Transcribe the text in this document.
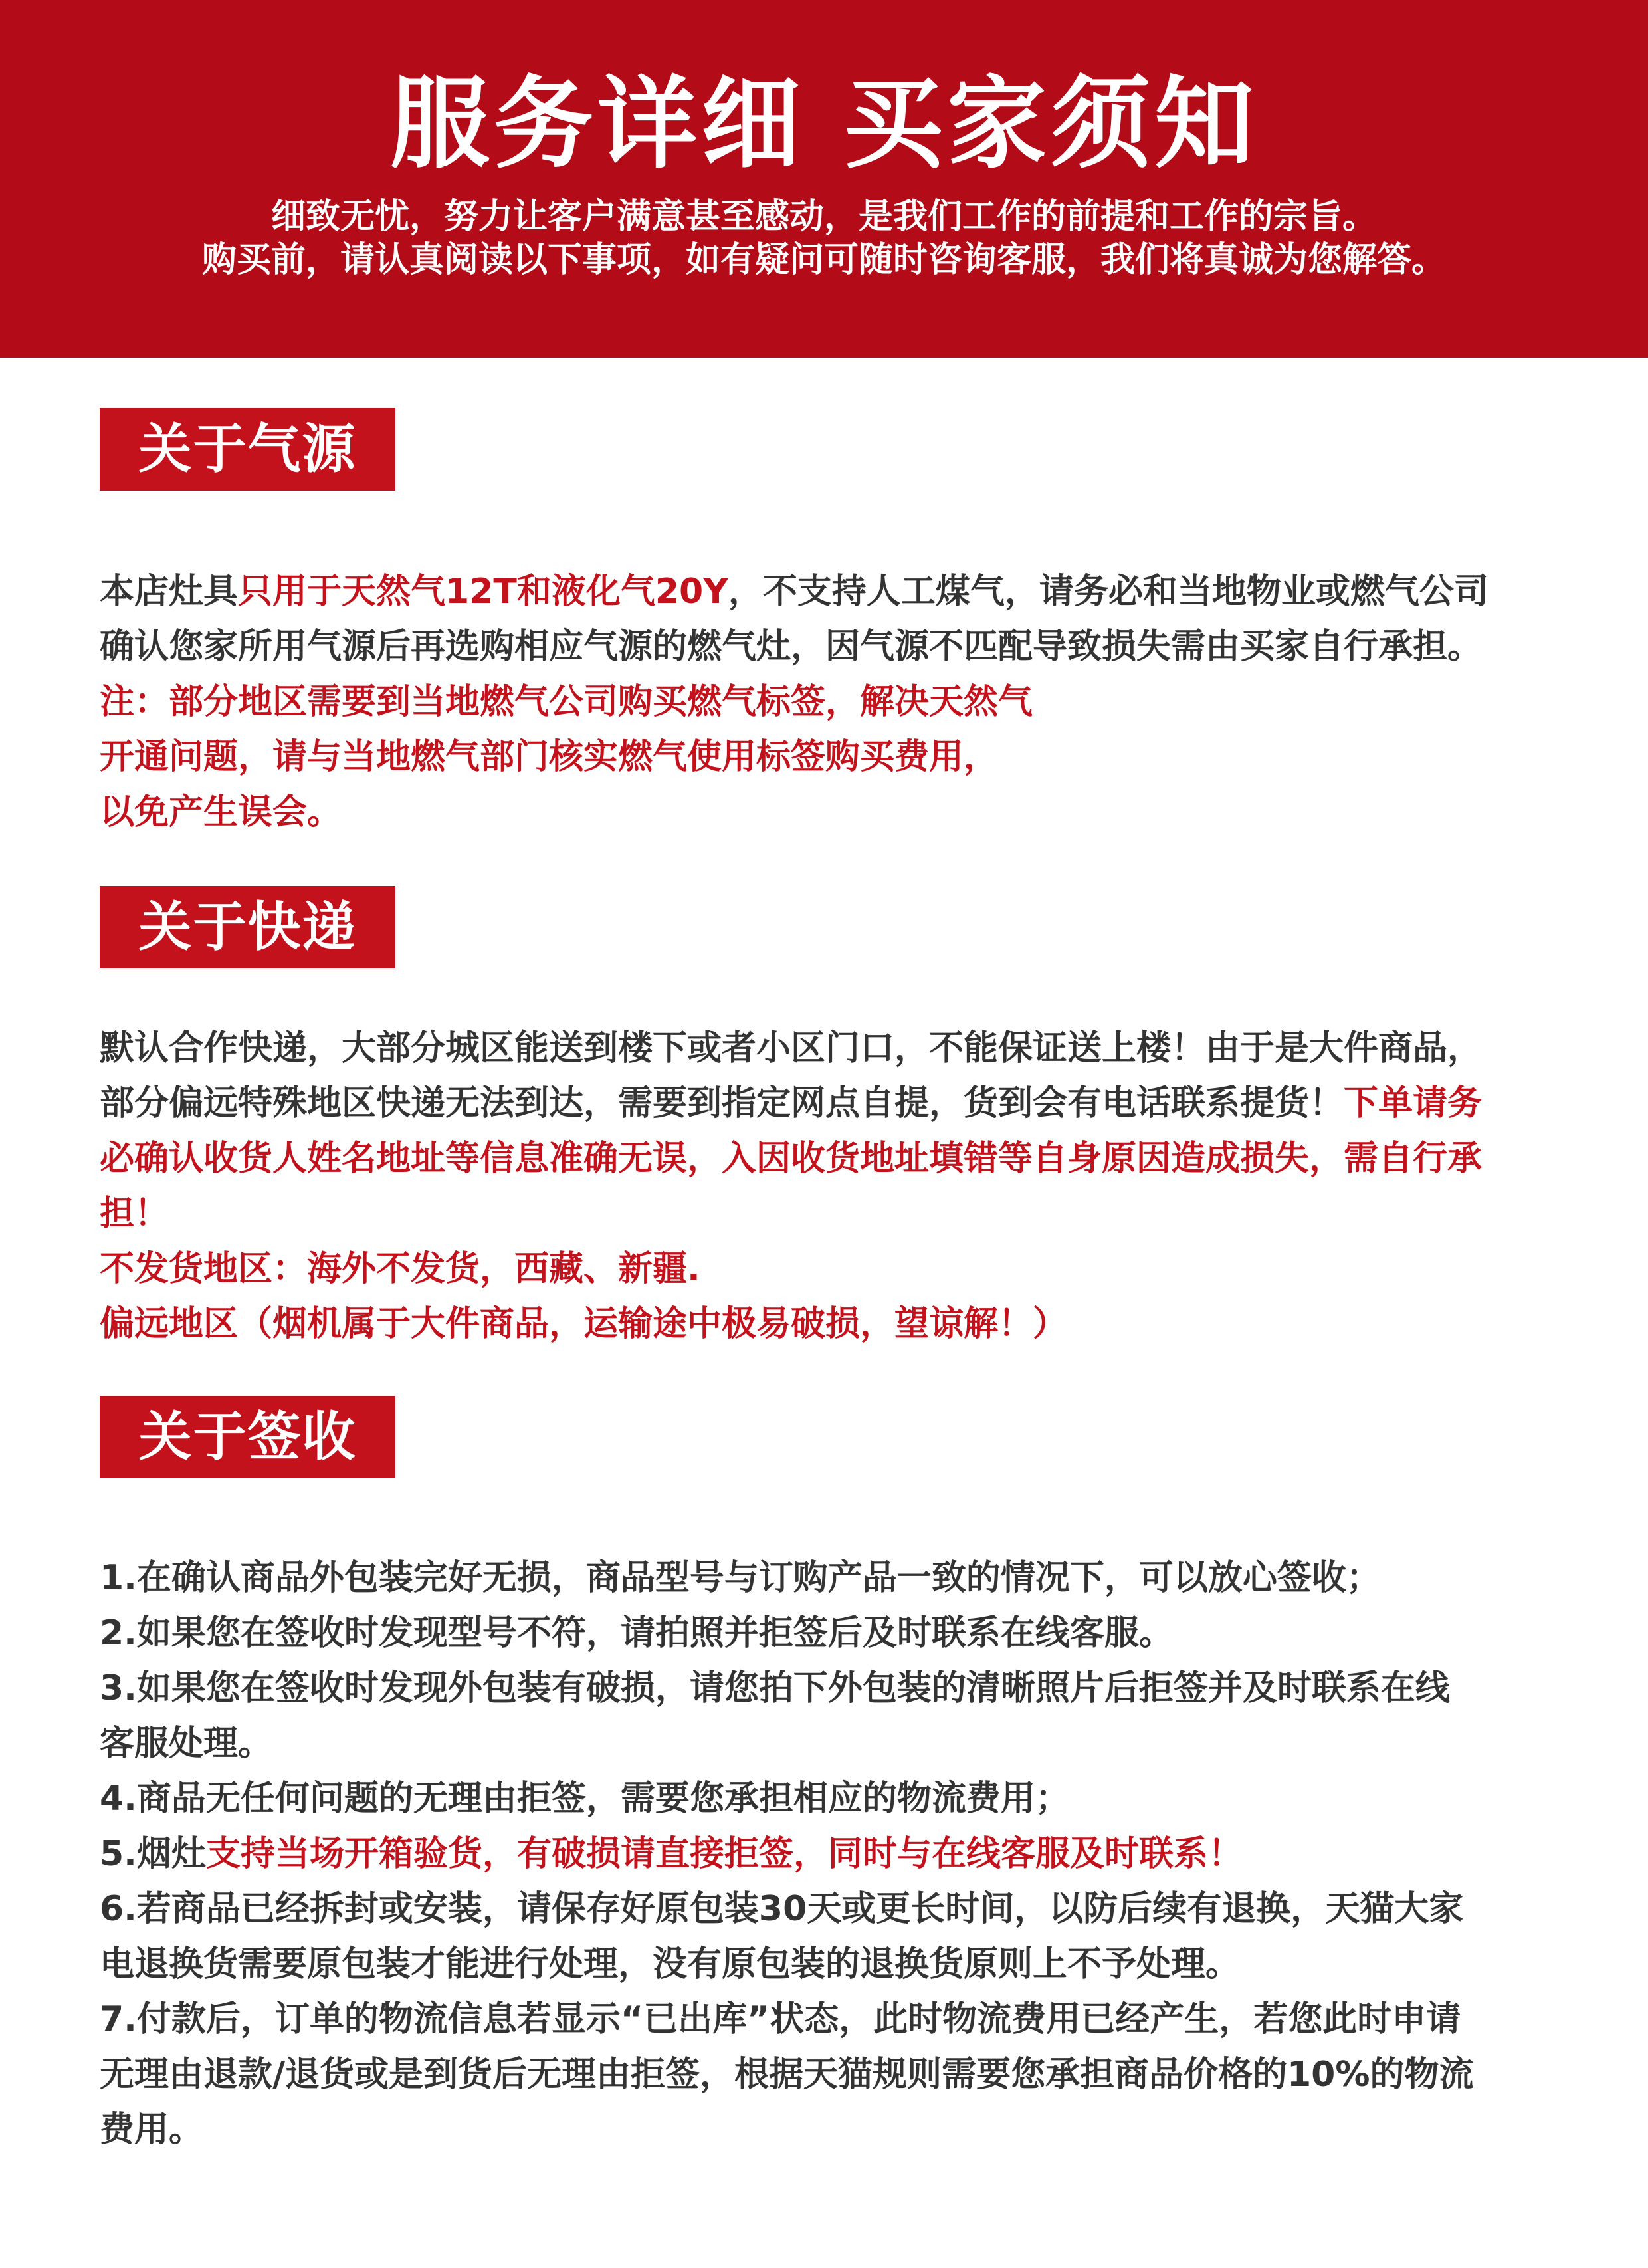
服务详细 买家须知
细致无忧，努力让客户满意甚至感动，是我们工作的前提和工作的宗旨。
购买前，请认真阅读以下事项，如有疑问可随时咨询客服，我们将真诚为您解答。
关于气源
本店灶具只用于天然气12T和液化气20Y，不支持人工煤气，请务必和当地物业或燃气公司
确认您家所用气源后再选购相应气源的燃气灶，因气源不匹配导致损失需由买家自行承担。
注：部分地区需要到当地燃气公司购买燃气标签，解决天然气
开通问题，请与当地燃气部门核实燃气使用标签购买费用，
以免产生误会。
关于快递
默认合作快递，大部分城区能送到楼下或者小区门口，不能保证送上楼！由于是大件商品，
部分偏远特殊地区快递无法到达，需要到指定网点自提，货到会有电话联系提货！下单请务
必确认收货人姓名地址等信息准确无误，入因收货地址填错等自身原因造成损失，需自行承
担！
不发货地区：海外不发货，西藏、新疆.
偏远地区（烟机属于大件商品，运输途中极易破损，望谅解！）
关于签收
1.在确认商品外包装完好无损，商品型号与订购产品一致的情况下，可以放心签收；
2.如果您在签收时发现型号不符，请拍照并拒签后及时联系在线客服。
3.如果您在签收时发现外包装有破损，请您拍下外包装的清晰照片后拒签并及时联系在线
客服处理。
4.商品无任何问题的无理由拒签，需要您承担相应的物流费用；
5.烟灶支持当场开箱验货，有破损请直接拒签，同时与在线客服及时联系！
6.若商品已经拆封或安装，请保存好原包装30天或更长时间，以防后续有退换，天猫大家
电退换货需要原包装才能进行处理，没有原包装的退换货原则上不予处理。
7.付款后，订单的物流信息若显示“已出库”状态，此时物流费用已经产生，若您此时申请
无理由退款/退货或是到货后无理由拒签，根据天猫规则需要您承担商品价格的10%的物流
费用。
